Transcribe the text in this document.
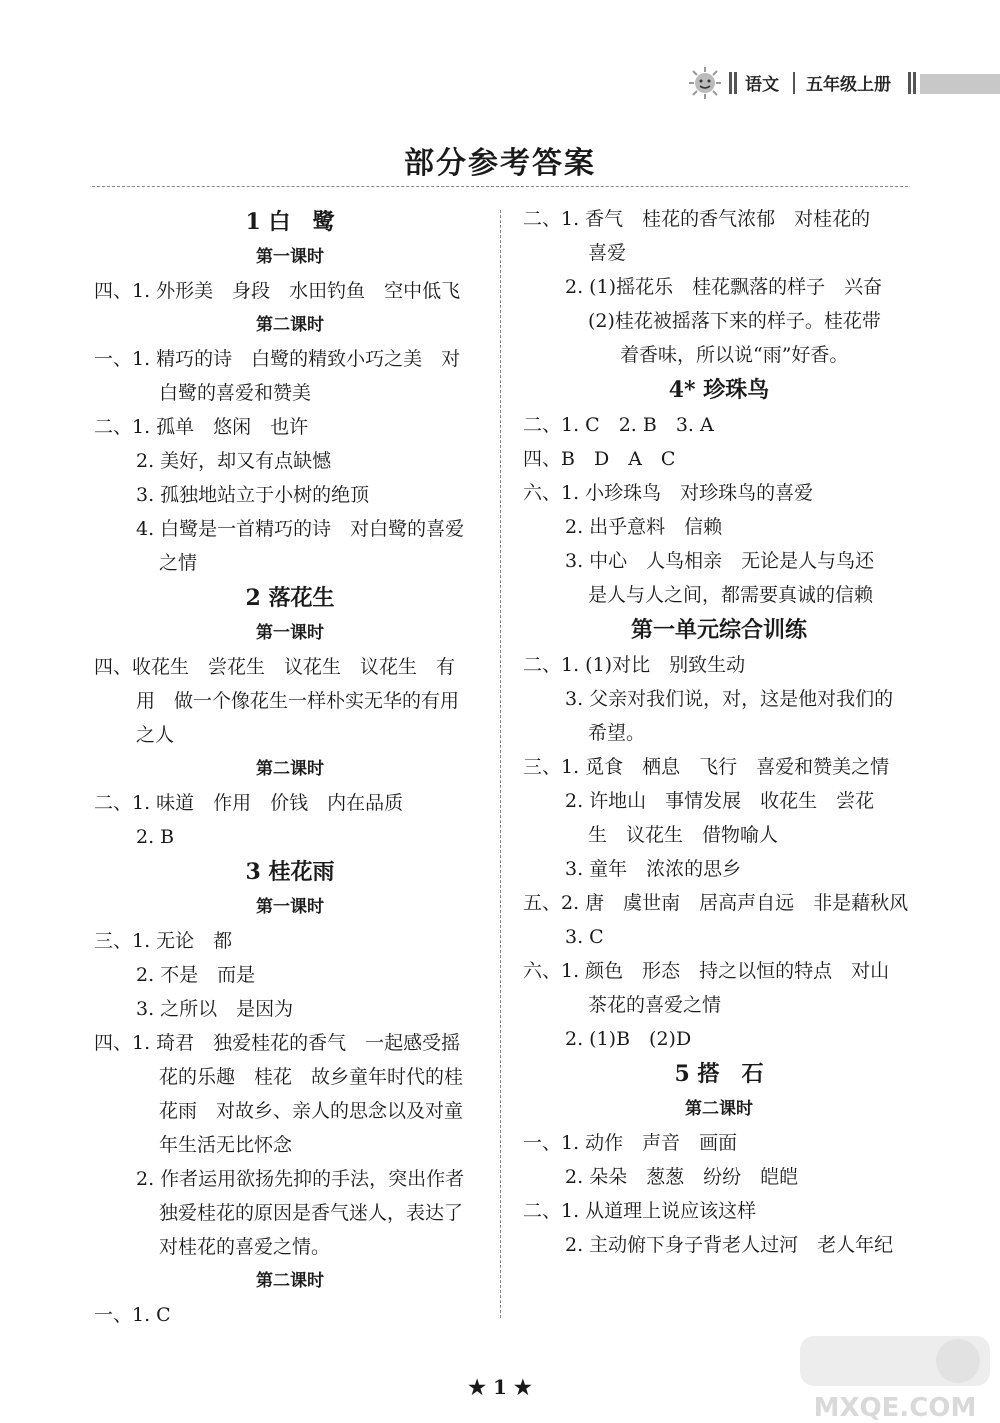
语文 五年级上册
部分参考答案
1 白　鹭
第一课时
四、1. 外形美　身段　水田钓鱼　空中低飞
第二课时
一、1. 精巧的诗　白鹭的精致小巧之美　对
白鹭的喜爱和赞美
二、1. 孤单　悠闲　也许
2. 美好，却又有点缺憾
3. 孤独地站立于小树的绝顶
4. 白鹭是一首精巧的诗　对白鹭的喜爱
之情
2 落花生
第一课时
四、收花生　尝花生　议花生　议花生　有
用　做一个像花生一样朴实无华的有用
之人
第二课时
二、1. 味道　作用　价钱　内在品质
2. B
3 桂花雨
第一课时
三、1. 无论　都
2. 不是　而是
3. 之所以　是因为
四、1. 琦君　独爱桂花的香气　一起感受摇
花的乐趣　桂花　故乡童年时代的桂
花雨　对故乡、亲人的思念以及对童
年生活无比怀念
2. 作者运用欲扬先抑的手法，突出作者
独爱桂花的原因是香气迷人，表达了
对桂花的喜爱之情。
第二课时
一、1. C
二、1. 香气　桂花的香气浓郁　对桂花的
喜爱
2. (1)摇花乐　桂花飘落的样子　兴奋
(2)桂花被摇落下来的样子。桂花带
着香味，所以说“雨”好香。
4* 珍珠鸟
二、1. C　2. B　3. A
四、B　D　A　C
六、1. 小珍珠鸟　对珍珠鸟的喜爱
2. 出乎意料　信赖
3. 中心　人鸟相亲　无论是人与鸟还
是人与人之间，都需要真诚的信赖
第一单元综合训练
二、1. (1)对比　别致生动
3. 父亲对我们说，对，这是他对我们的
希望。
三、1. 觅食　栖息　飞行　喜爱和赞美之情
2. 许地山　事情发展　收花生　尝花
生　议花生　借物喻人
3. 童年　浓浓的思乡
五、2. 唐　虞世南　居高声自远　非是藉秋风
3. C
六、1. 颜色　形态　持之以恒的特点　对山
茶花的喜爱之情
2. (1)B　(2)D
5 搭　石
第二课时
一、1. 动作　声音　画面
2. 朵朵　葱葱　纷纷　皑皑
二、1. 从道理上说应该这样
2. 主动俯下身子背老人过河　老人年纪
★ 1 ★
MXQE.COM
